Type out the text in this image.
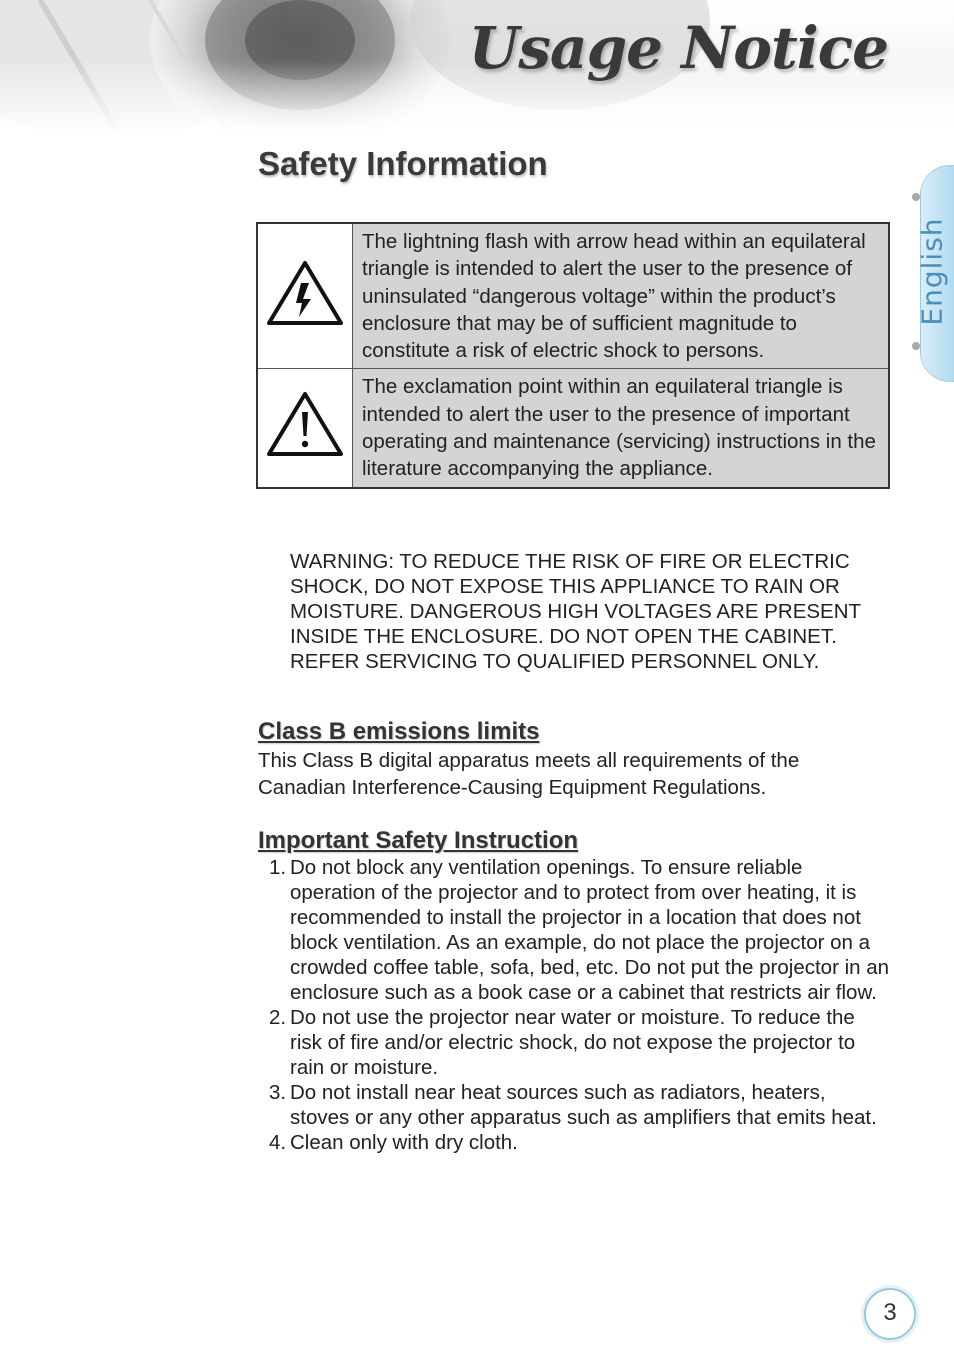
Usage Notice
English
Safety Information
	The lightning flash with arrow head within an equilateral triangle is intended to alert the user to the presence of uninsulated “dangerous voltage” within the product’s enclosure that may be of sufficient magnitude to constitute a risk of electric shock to persons.
	The exclamation point within an equilateral triangle is intended to alert the user to the presence of important operating and maintenance (servicing) instructions in the literature accompanying the appliance.
WARNING: TO REDUCE THE RISK OF FIRE OR ELECTRIC SHOCK, DO NOT EXPOSE THIS APPLIANCE TO RAIN OR MOISTURE. DANGEROUS HIGH VOLTAGES ARE PRESENT INSIDE THE ENCLOSURE. DO NOT OPEN THE CABINET. REFER SERVICING TO QUALIFIED PERSONNEL ONLY.
Class B emissions limits
This Class B digital apparatus meets all requirements of the Canadian Interference-Causing Equipment Regulations.
Important Safety Instruction
1. Do not block any ventilation openings. To ensure reliable operation of the projector and to protect from over heating, it is recommended to install the projector in a location that does not block ventilation. As an example, do not place the projector on a crowded coffee table, sofa, bed, etc. Do not put the projector in an enclosure such as a book case or a cabinet that restricts air flow.
2. Do not use the projector near water or moisture. To reduce the risk of fire and/or electric shock, do not expose the projector to rain or moisture.
3. Do not install near heat sources such as radiators, heaters, stoves or any other apparatus such as amplifiers that emits heat.
4. Clean only with dry cloth.
3
